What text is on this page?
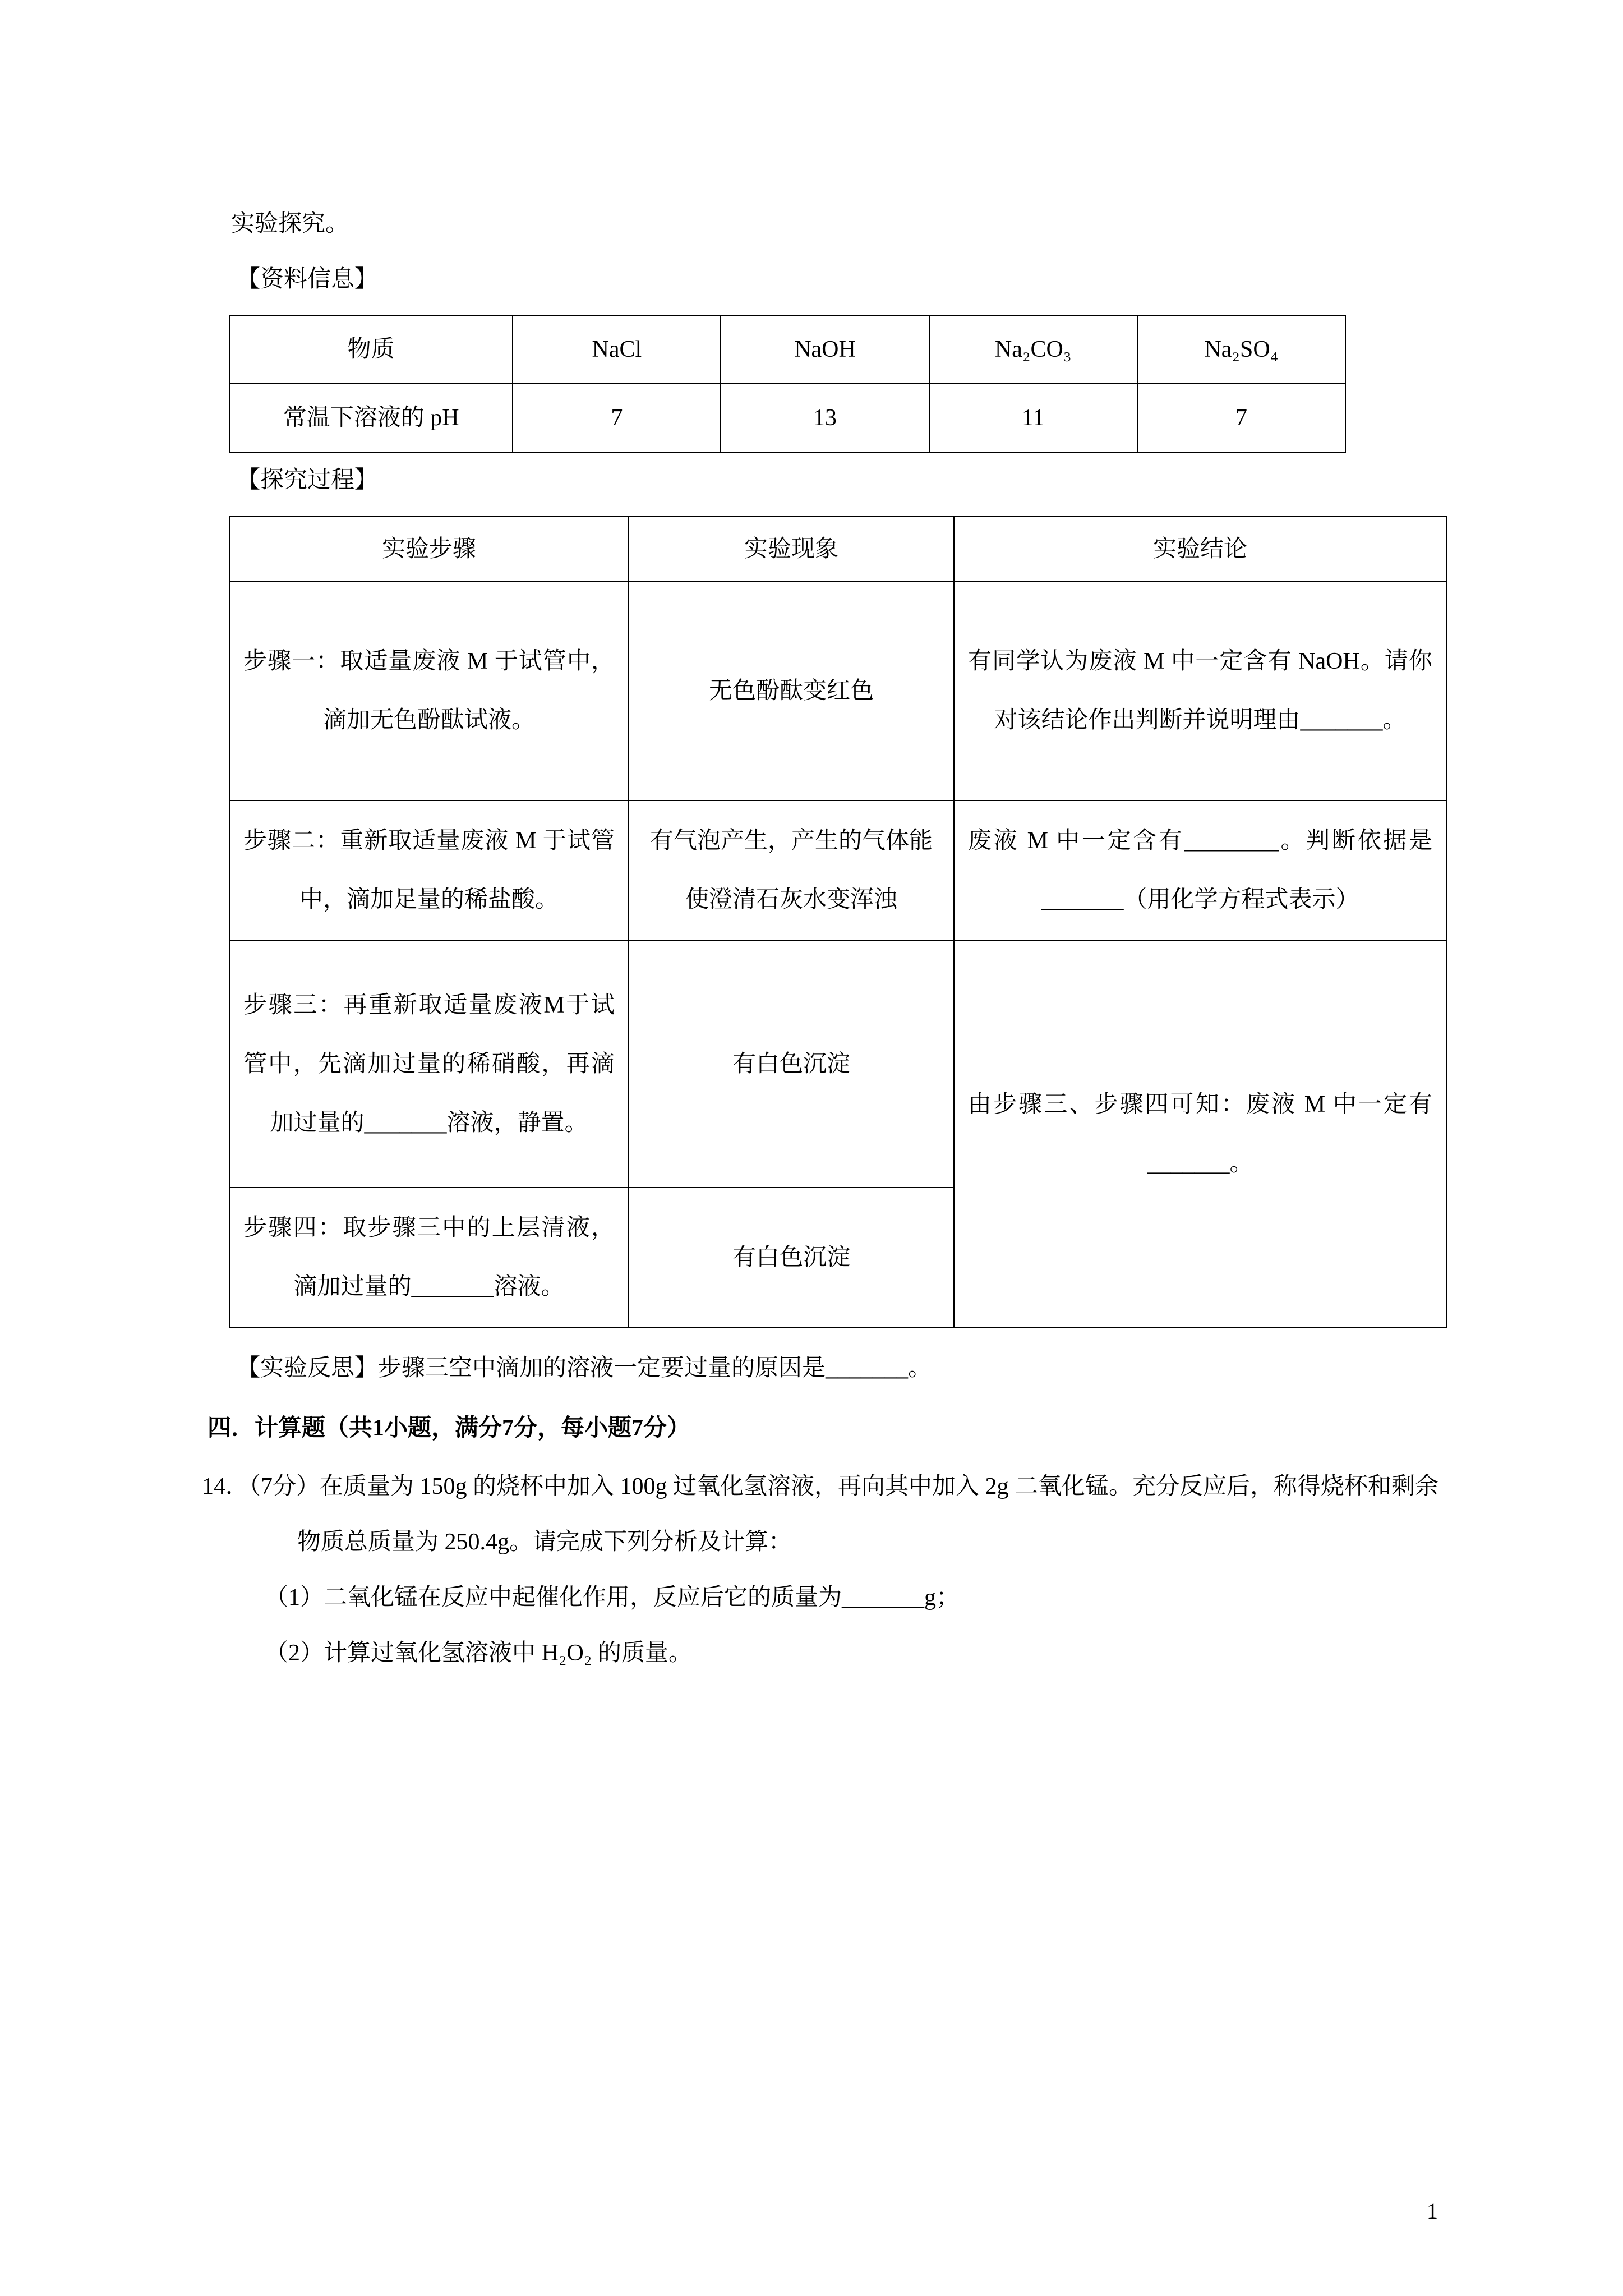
实验探究。

【资料信息】

物质	NaCl	NaOH	Na₂CO₃	Na₂SO₄
常温下溶液的 pH	7	13	11	7

【探究过程】

实验步骤	实验现象	实验结论
步骤一：取适量废液 M 于试管中，滴加无色酚酞试液。	无色酚酞变红色	有同学认为废液 M 中一定含有 NaOH。请你对该结论作出判断并说明理由_______。
步骤二：重新取适量废液 M 于试管中，滴加足量的稀盐酸。	有气泡产生，产生的气体能使澄清石灰水变浑浊	废液 M 中一定含有________。判断依据是_______（用化学方程式表示）
步骤三：再重新取适量废液M于试管中，先滴加过量的稀硝酸，再滴加过量的_______溶液，静置。	有白色沉淀	由步骤三、步骤四可知：废液 M 中一定有_______。
步骤四：取步骤三中的上层清液，滴加过量的_______溶液。	有白色沉淀	

【实验反思】步骤三空中滴加的溶液一定要过量的原因是_______。

四．计算题（共1小题，满分7分，每小题7分）

14．（7分）在质量为 150g 的烧杯中加入 100g 过氧化氢溶液，再向其中加入 2g 二氧化锰。充分反应后，称得烧杯和剩余物质总质量为 250.4g。请完成下列分析及计算：

（1）二氧化锰在反应中起催化作用，反应后它的质量为_______g；

（2）计算过氧化氢溶液中 H₂O₂ 的质量。

1
